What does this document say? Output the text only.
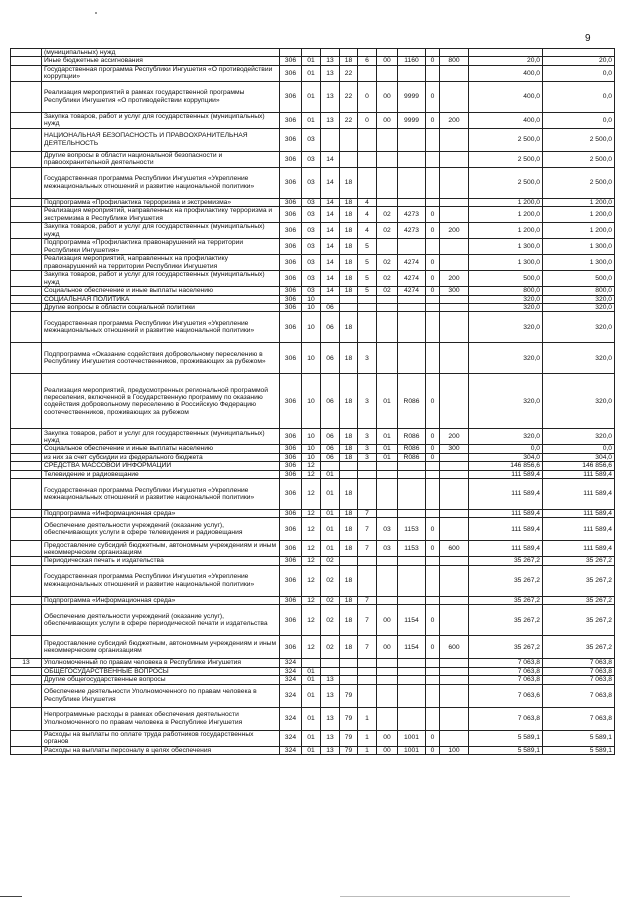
9
	(муниципальных) нужд											
	Иные бюджетные ассигнования	306	01	13	18	6	00	1160	0	800	20,0	20,0
	Государственная программа Республики Ингушетия «О противодействии коррупции»	306	01	13	22						400,0	0,0
	Реализация мероприятий в рамках государственной программы Республики Ингушетия «О противодействии коррупции»	306	01	13	22	0	00	9999	0		400,0	0,0
	Закупка товаров, работ и услуг для государственных (муниципальных) нужд	306	01	13	22	0	00	9999	0	200	400,0	0,0
	НАЦИОНАЛЬНАЯ БЕЗОПАСНОСТЬ И ПРАВООХРАНИТЕЛЬНАЯ ДЕЯТЕЛЬНОСТЬ	306	03								2 500,0	2 500,0
	Другие вопросы в области национальной безопасности и правоохранительной деятельности	306	03	14							2 500,0	2 500,0
	Государственная программа Республики Ингушетия «Укрепление межнациональных отношений и развитие национальной политики»	306	03	14	18						2 500,0	2 500,0
	Подпрограмма «Профилактика терроризма и экстремизма»	306	03	14	18	4					1 200,0	1 200,0
	Реализация мероприятий, направленных на профилактику терроризма и экстремизма в Республике Ингушетия	306	03	14	18	4	02	4273	0		1 200,0	1 200,0
	Закупка товаров, работ и услуг для государственных (муниципальных) нужд	306	03	14	18	4	02	4273	0	200	1 200,0	1 200,0
	Подпрограмма «Профилактика правонарушений на территории Республики Ингушетия»	306	03	14	18	5					1 300,0	1 300,0
	Реализация мероприятий, направленных на профилактику правонарушений на территории Республики Ингушетия	306	03	14	18	5	02	4274	0		1 300,0	1 300,0
	Закупка товаров, работ и услуг для государственных (муниципальных) нужд	306	03	14	18	5	02	4274	0	200	500,0	500,0
	Социальное обеспечение и иные выплаты населению	306	03	14	18	5	02	4274	0	300	800,0	800,0
	СОЦИАЛЬНАЯ ПОЛИТИКА	306	10								320,0	320,0
	Другие вопросы в области социальной политики	306	10	06							320,0	320,0
	Государственная программа Республики Ингушетия «Укрепление межнациональных отношений и развитие национальной политики»	306	10	06	18						320,0	320,0
	Подпрограмма «Оказание содействия добровольному переселению в Республику Ингушетия соотечественников, проживающих за рубежом»	306	10	06	18	3					320,0	320,0
	Реализация мероприятий, предусмотренных региональной программой переселения, включенной в Государственную программу по оказанию содействия добровольному переселению в Российскую Федерацию соотечественников, проживающих за рубежом	306	10	06	18	3	01	R086	0		320,0	320,0
	Закупка товаров, работ и услуг для государственных (муниципальных) нужд	306	10	06	18	3	01	R086	0	200	320,0	320,0
	Социальное обеспечение и иные выплаты населению	306	10	06	18	3	01	R086	0	300	0,0	0,0
	из них за счет субсидии из федерального бюджета	306	10	06	18	3	01	R086	0		304,0	304,0
	СРЕДСТВА МАССОВОЙ ИНФОРМАЦИИ	306	12								146 856,6	146 856,6
	Телевидение и радиовещание	306	12	01							111 589,4	111 589,4
	Государственная программа Республики Ингушетия «Укрепление межнациональных отношений и развитие национальной политики»	306	12	01	18						111 589,4	111 589,4
	Подпрограмма «Информационная среда»	306	12	01	18	7					111 589,4	111 589,4
	Обеспечение деятельности учреждений (оказание услуг), обеспечивающих услуги в сфере телевидения и радиовещания	306	12	01	18	7	03	1153	0		111 589,4	111 589,4
	Предоставление субсидий бюджетным, автономным учреждениям и иным некоммерческим организациям	306	12	01	18	7	03	1153	0	600	111 589,4	111 589,4
	Периодическая печать и издательства	306	12	02							35 267,2	35 267,2
	Государственная программа Республики Ингушетия «Укрепление межнациональных отношений и развитие национальной политики»	306	12	02	18						35 267,2	35 267,2
	Подпрограмма «Информационная среда»	306	12	02	18	7					35 267,2	35 267,2
	Обеспечение деятельности учреждений (оказание услуг), обеспечивающих услуги в сфере периодической печати и издательства	306	12	02	18	7	00	1154	0		35 267,2	35 267,2
	Предоставление субсидий бюджетным, автономным учреждениям и иным некоммерческим организациям	306	12	02	18	7	00	1154	0	600	35 267,2	35 267,2
13	Уполномоченный по правам человека в Республике Ингушетия	324									7 063,8	7 063,8
	ОБЩЕГОСУДАРСТВЕННЫЕ ВОПРОСЫ	324	01								7 063,8	7 063,8
	Другие общегосударственные вопросы	324	01	13							7 063,8	7 063,8
	Обеспечение деятельности Уполномоченного по правам человека в Республике Ингушетия	324	01	13	79						7 063,6	7 063,8
	Непрограммные расходы в рамках обеспечения деятельности Уполномоченного по правам человека в Республике Ингушетия	324	01	13	79	1					7 063,8	7 063,8
	Расходы на выплаты по оплате труда работников государственных органов	324	01	13	79	1	00	1001	0		5 589,1	5 589,1
	Расходы на выплаты персоналу в целях обеспечения	324	01	13	79	1	00	1001	0	100	5 589,1	5 589,1
